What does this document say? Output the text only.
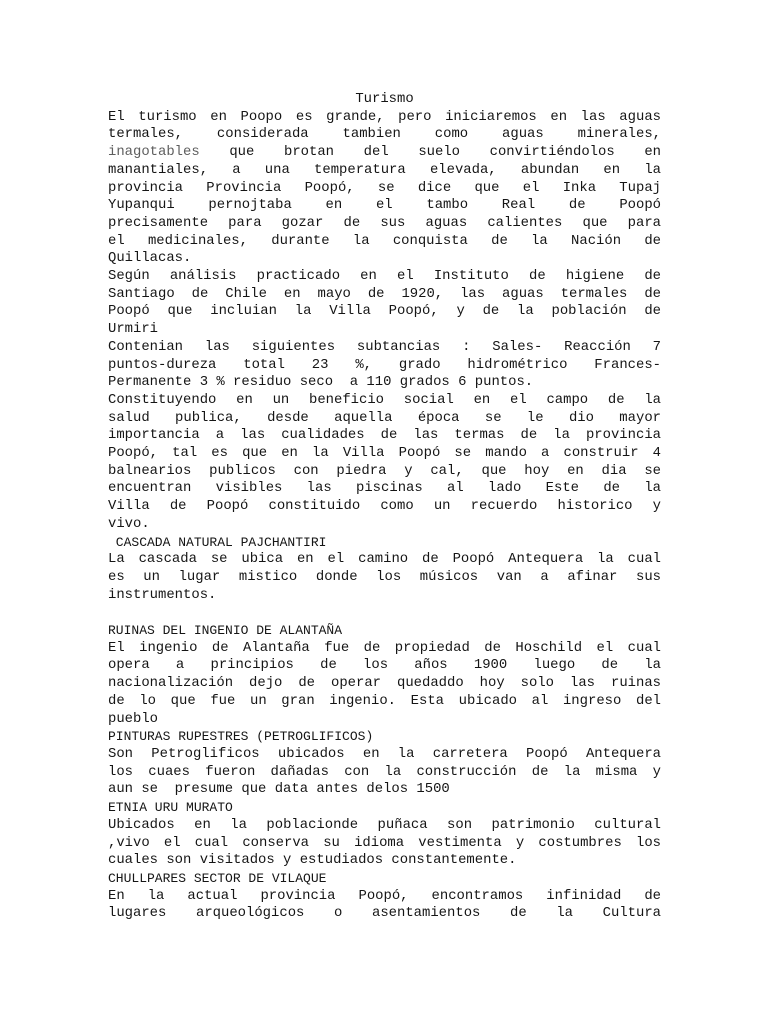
Turismo

El turismo en Poopo es grande, pero iniciaremos en las aguas

termales, considerada tambien como aguas minerales,

inagotables que brotan del suelo convirtiéndolos en

manantiales, a una temperatura elevada, abundan en la

provincia Provincia Poopó, se dice que el Inka Tupaj

Yupanqui pernojtaba en el tambo Real de Poopó

precisamente para gozar de sus aguas calientes que para

el medicinales, durante la conquista de la Nación de

Quillacas.

Según análisis practicado en el Instituto de higiene de

Santiago de Chile en mayo de 1920, las aguas termales de

Poopó que incluian la Villa Poopó, y de la población de

Urmiri

Contenian las siguientes subtancias : Sales- Reacción 7

puntos-dureza total 23 %, grado hidrométrico Frances-

Permanente 3 % residuo seco  a 110 grados 6 puntos.

Constituyendo en un beneficio social en el campo de la

salud publica, desde aquella época se le dio mayor

importancia a las cualidades de las termas de la provincia

Poopó, tal es que en la Villa Poopó se mando a construir 4

balnearios publicos con piedra y cal, que hoy en dia se

encuentran visibles las piscinas al lado Este de la

Villa de Poopó constituido como un recuerdo historico y

vivo.

CASCADA NATURAL PAJCHANTIRI

La cascada se ubica en el camino de Poopó Antequera la cual

es un lugar mistico donde los músicos van a afinar sus

instrumentos.

RUINAS DEL INGENIO DE ALANTAÑA

El ingenio de Alantaña fue de propiedad de Hoschild el cual

opera a principios de los años 1900 luego de la

nacionalización dejo de operar quedaddo hoy solo las ruinas

de lo que fue un gran ingenio. Esta ubicado al ingreso del

pueblo

PINTURAS RUPESTRES (PETROGLIFICOS)

Son Petroglificos ubicados en la carretera Poopó Antequera

los cuaes fueron dañadas con la construcción de la misma y

aun se  presume que data antes delos 1500

ETNIA URU MURATO

Ubicados en la poblacionde puñaca son patrimonio cultural

,vivo el cual conserva su idioma vestimenta y costumbres los

cuales son visitados y estudiados constantemente.

CHULLPARES SECTOR DE VILAQUE

En la actual provincia Poopó, encontramos infinidad de

lugares arqueológicos o asentamientos de la Cultura
